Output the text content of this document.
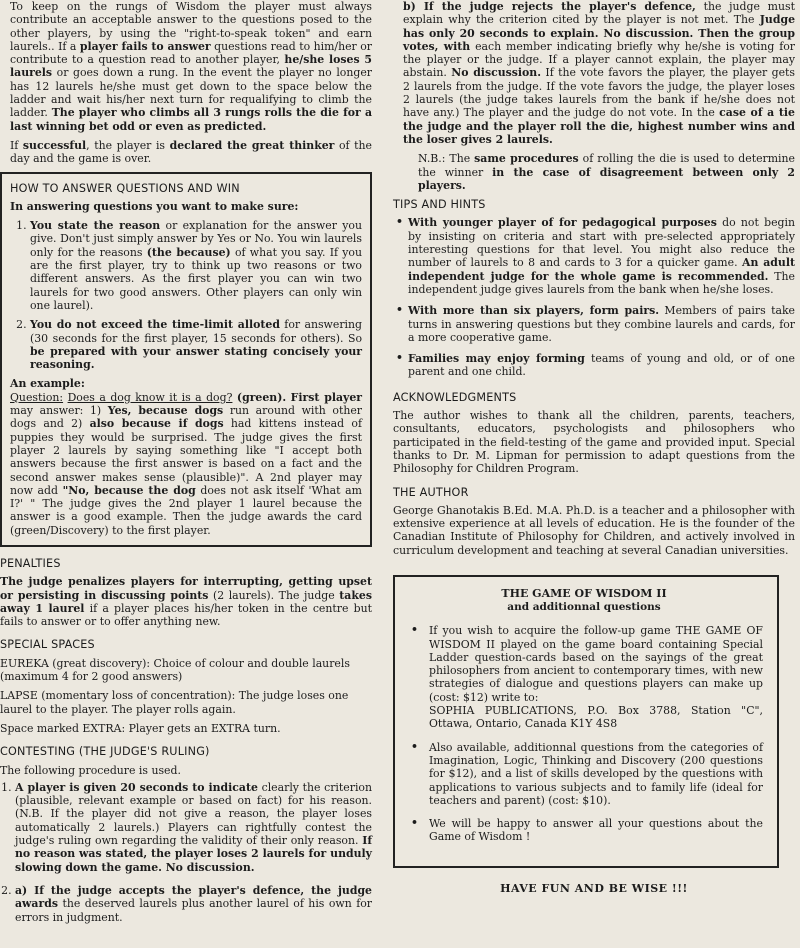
To keep on the rungs of Wisdom the player must always contribute an acceptable answer to the questions posed to the other players, by using the "right-to-speak token" and earn laurels.. If a player fails to answer questions read to him/her or contribute to a question read to another player, he/she loses 5 laurels or goes down a rung. In the event the player no longer has 12 laurels he/she must get down to the space below the ladder and wait his/her next turn for requalifying to climb the ladder. The player who climbs all 3 rungs rolls the die for a last winning bet odd or even as predicted.

If successful, the player is declared the great thinker of the day and the game is over.

HOW TO ANSWER QUESTIONS AND WIN

In answering questions you want to make sure:

1. You state the reason or explanation for the answer you give. Don't just simply answer by Yes or No. You win laurels only for the reasons (the because) of what you say. If you are the first player, try to think up two reasons or two different answers. As the first player you can win two laurels for two good answers. Other players can only win one laurel).
2. You do not exceed the time-limit alloted for answering (30 seconds for the first player, 15 seconds for others). So be prepared with your answer stating concisely your reasoning.
An example:

Question: Does a dog know it is a dog? (green). First player may answer: 1) Yes, because dogs run around with other dogs and 2) also because if dogs had kittens instead of puppies they would be surprised. The judge gives the first player 2 laurels by saying something like "I accept both answers because the first answer is based on a fact and the second answer makes sense (plausible)". A 2nd player may now add "No, because the dog does not ask itself 'What am I?' " The judge gives the 2nd player 1 laurel because the answer is a good example. Then the judge awards the card (green/Discovery) to the first player.

PENALTIES

The judge penalizes players for interrupting, getting upset or persisting in discussing points (2 laurels). The judge takes away 1 laurel if a player places his/her token in the centre but fails to answer or to offer anything new.

SPECIAL SPACES
EUREKA (great discovery): Choice of colour and double laurels (maximum 4 for 2 good answers)
LAPSE (momentary loss of concentration): The judge loses one laurel to the player. The player rolls again.
Space marked EXTRA: Player gets an EXTRA turn.
CONTESTING (THE JUDGE'S RULING)
The following procedure is used.
1. A player is given 20 seconds to indicate clearly the criterion (plausible, relevant example or based on fact) for his reason. (N.B. If the player did not give a reason, the player loses automatically 2 laurels.) Players can rightfully contest the judge's ruling own regarding the validity of their only reason. If no reason was stated, the player loses 2 laurels for unduly slowing down the game. No discussion.
2. a) If the judge accepts the player's defence, the judge awards the deserved laurels plus another laurel of his own for errors in judgment.

b) If the judge rejects the player's defence, the judge must explain why the criterion cited by the player is not met. The Judge has only 20 seconds to explain. No discussion. Then the group votes, with each member indicating briefly why he/she is voting for the player or the judge. If a player cannot explain, the player may abstain. No discussion. If the vote favors the player, the player gets 2 laurels from the judge. If the vote favors the judge, the player loses 2 laurels (the judge takes laurels from the bank if he/she does not have any.) The player and the judge do not vote. In the case of a tie the judge and the player roll the die, highest number wins and the loser gives 2 laurels.

N.B.: The same procedures of rolling the die is used to determine the winner in the case of disagreement between only 2 players.

TIPS AND HINTS
• With younger player of for pedagogical purposes do not begin by insisting on criteria and start with pre-selected appropriately interesting questions for that level. You might also reduce the number of laurels to 8 and cards to 3 for a quicker game. An adult independent judge for the whole game is recommended. The independent judge gives laurels from the bank when he/she loses.
• With more than six players, form pairs. Members of pairs take turns in answering questions but they combine laurels and cards, for a more cooperative game.
• Families may enjoy forming teams of young and old, or of one parent and one child.
ACKNOWLEDGMENTS

The author wishes to thank all the children, parents, teachers, consultants, educators, psychologists and philosophers who participated in the field-testing of the game and provided input. Special thanks to Dr. M. Lipman for permission to adapt questions from the Philosophy for Children Program.

THE AUTHOR

George Ghanotakis B.Ed. M.A. Ph.D. is a teacher and a philosopher with extensive experience at all levels of education. He is the founder of the Canadian Institute of Philosophy for Children, and actively involved in curriculum development and teaching at several Canadian universities.

THE GAME OF WISDOM II
and additionnal questions
• If you wish to acquire the follow-up game THE GAME OF WISDOM II played on the game board containing Special Ladder question-cards based on the sayings of the great philosophers from ancient to contemporary times, with new strategies of dialogue and questions players can make up (cost: $12) write to:
SOPHIA PUBLICATIONS, P.O. Box 3788, Station "C", Ottawa, Ontario, Canada K1Y 4S8
• Also available, additionnal questions from the categories of Imagination, Logic, Thinking and Discovery (200 questions for $12), and a list of skills developed by the questions with applications to various subjects and to family life (ideal for teachers and parent) (cost: $10).
• We will be happy to answer all your questions about the Game of Wisdom !
HAVE FUN AND BE WISE !!!
